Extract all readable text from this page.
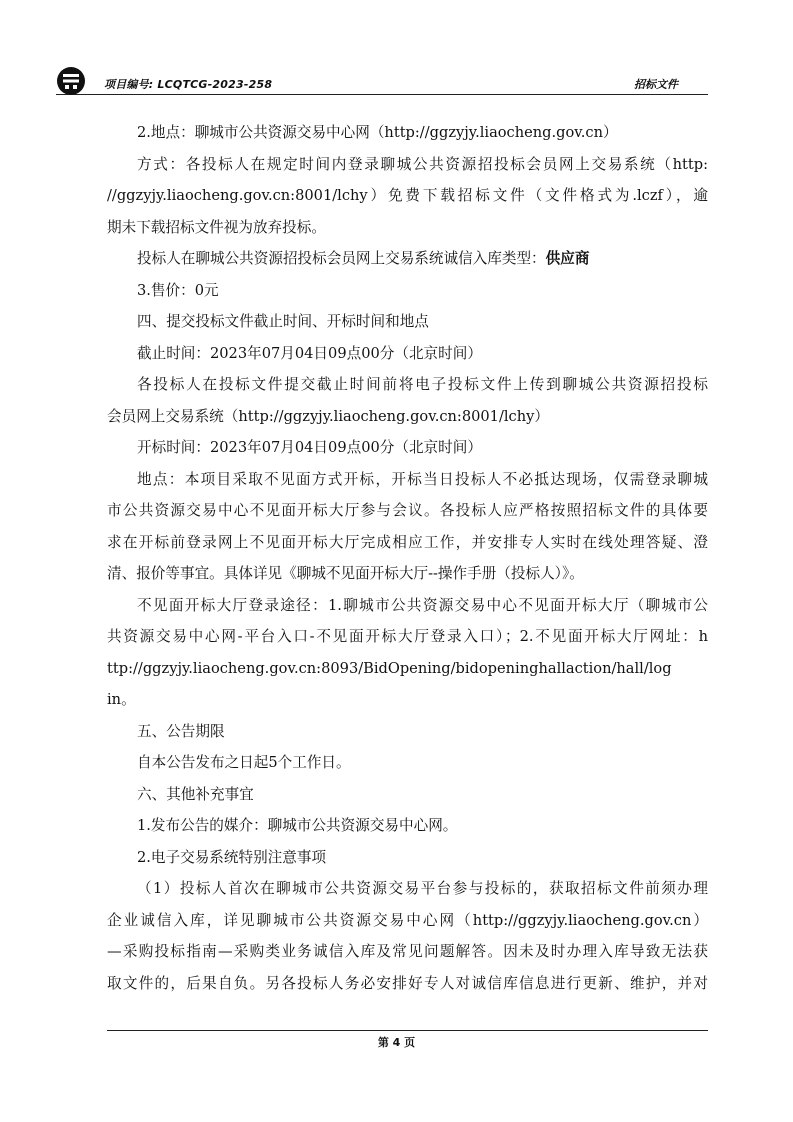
项目编号: LCQTCG-2023-258	招标文件
2.地点：聊城市公共资源交易中心网（http://ggzyjy.liaocheng.gov.cn）
方式：各投标人在规定时间内登录聊城公共资源招投标会员网上交易系统（http:
//ggzyjy.liaocheng.gov.cn:8001/lchy）免费下载招标文件（文件格式为.lczf），逾
期未下载招标文件视为放弃投标。
投标人在聊城公共资源招投标会员网上交易系统诚信入库类型：供应商
3.售价：0元
四、提交投标文件截止时间、开标时间和地点
截止时间：2023年07月04日09点00分（北京时间）
各投标人在投标文件提交截止时间前将电子投标文件上传到聊城公共资源招投标
会员网上交易系统（http://ggzyjy.liaocheng.gov.cn:8001/lchy）
开标时间：2023年07月04日09点00分（北京时间）
地点：本项目采取不见面方式开标，开标当日投标人不必抵达现场，仅需登录聊城
市公共资源交易中心不见面开标大厅参与会议。各投标人应严格按照招标文件的具体要
求在开标前登录网上不见面开标大厅完成相应工作，并安排专人实时在线处理答疑、澄
清、报价等事宜。具体详见《聊城不见面开标大厅--操作手册（投标人）》。
不见面开标大厅登录途径：1.聊城市公共资源交易中心不见面开标大厅（聊城市公
共资源交易中心网-平台入口-不见面开标大厅登录入口）；2.不见面开标大厅网址：h
ttp://ggzyjy.liaocheng.gov.cn:8093/BidOpening/bidopeninghallaction/hall/log
in。
五、公告期限
自本公告发布之日起5个工作日。
六、其他补充事宜
1.发布公告的媒介：聊城市公共资源交易中心网。
2.电子交易系统特别注意事项
（1）投标人首次在聊城市公共资源交易平台参与投标的，获取招标文件前须办理
企业诚信入库，详见聊城市公共资源交易中心网（http://ggzyjy.liaocheng.gov.cn）
—采购投标指南—采购类业务诚信入库及常见问题解答。因未及时办理入库导致无法获
取文件的，后果自负。另各投标人务必安排好专人对诚信库信息进行更新、维护，并对
第 4 页
